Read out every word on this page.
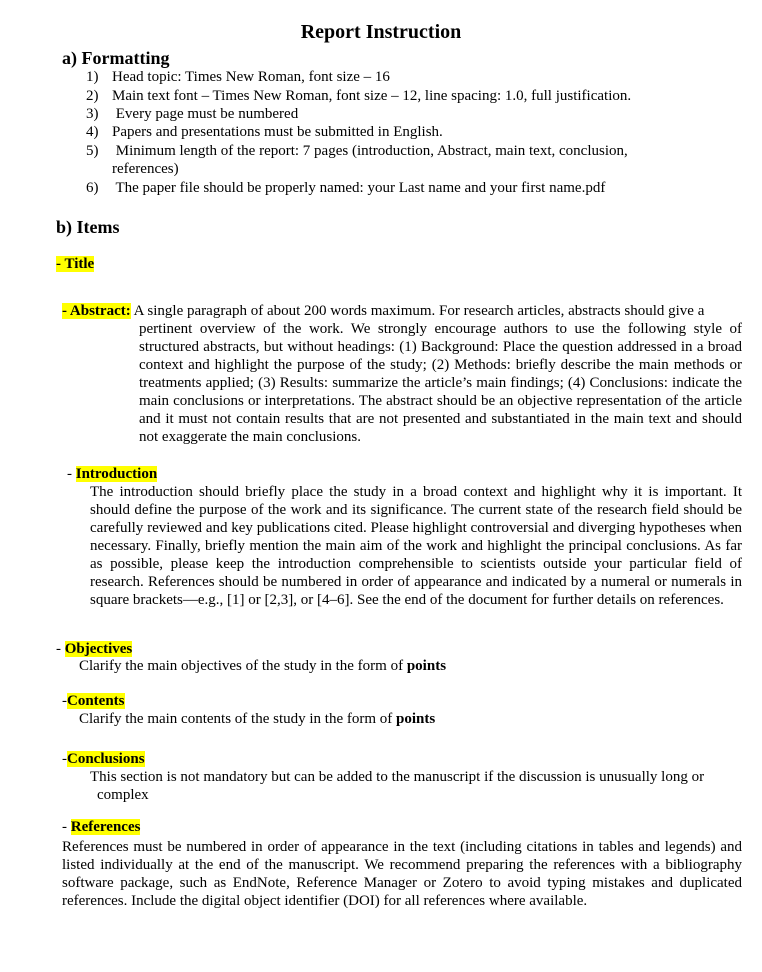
Report Instruction
a) Formatting
1) Head topic: Times New Roman, font size – 16
2) Main text font – Times New Roman, font size – 12, line spacing: 1.0, full justification.
3) Every page must be numbered
4) Papers and presentations must be submitted in English.
5) Minimum length of the report: 7 pages (introduction, Abstract, main text, conclusion,
references)
6) The paper file should be properly named: your Last name and your first name.pdf
b) Items
- Title
- Abstract: A single paragraph of about 200 words maximum. For research articles, abstracts should give a
pertinent overview of the work. We strongly encourage authors to use the following style of structured abstracts, but without headings: (1) Background: Place the question addressed in a broad context and highlight the purpose of the study; (2) Methods: briefly describe the main methods or treatments applied; (3) Results: summarize the article’s main findings; (4) Conclusions: indicate the main conclusions or interpretations. The abstract should be an objective representation of the article and it must not contain results that are not presented and substantiated in the main text and should not exaggerate the main conclusions.
- Introduction
The introduction should briefly place the study in a broad context and highlight why it is important. It should define the purpose of the work and its significance. The current state of the research field should be carefully reviewed and key publications cited. Please highlight controversial and diverging hypotheses when necessary. Finally, briefly mention the main aim of the work and highlight the principal conclusions. As far as possible, please keep the introduction comprehensible to scientists outside your particular field of research. References should be numbered in order of appearance and indicated by a numeral or numerals in square brackets—e.g., [1] or [2,3], or [4–6]. See the end of the document for further details on references.
- Objectives
Clarify the main objectives of the study in the form of points
-Contents
Clarify the main contents of the study in the form of points
-Conclusions
This section is not mandatory but can be added to the manuscript if the discussion is unusually long or
complex
- References
References must be numbered in order of appearance in the text (including citations in tables and legends) and listed individually at the end of the manuscript. We recommend preparing the references with a bibliography software package, such as EndNote, Reference Manager or Zotero to avoid typing mistakes and duplicated references. Include the digital object identifier (DOI) for all references where available.
